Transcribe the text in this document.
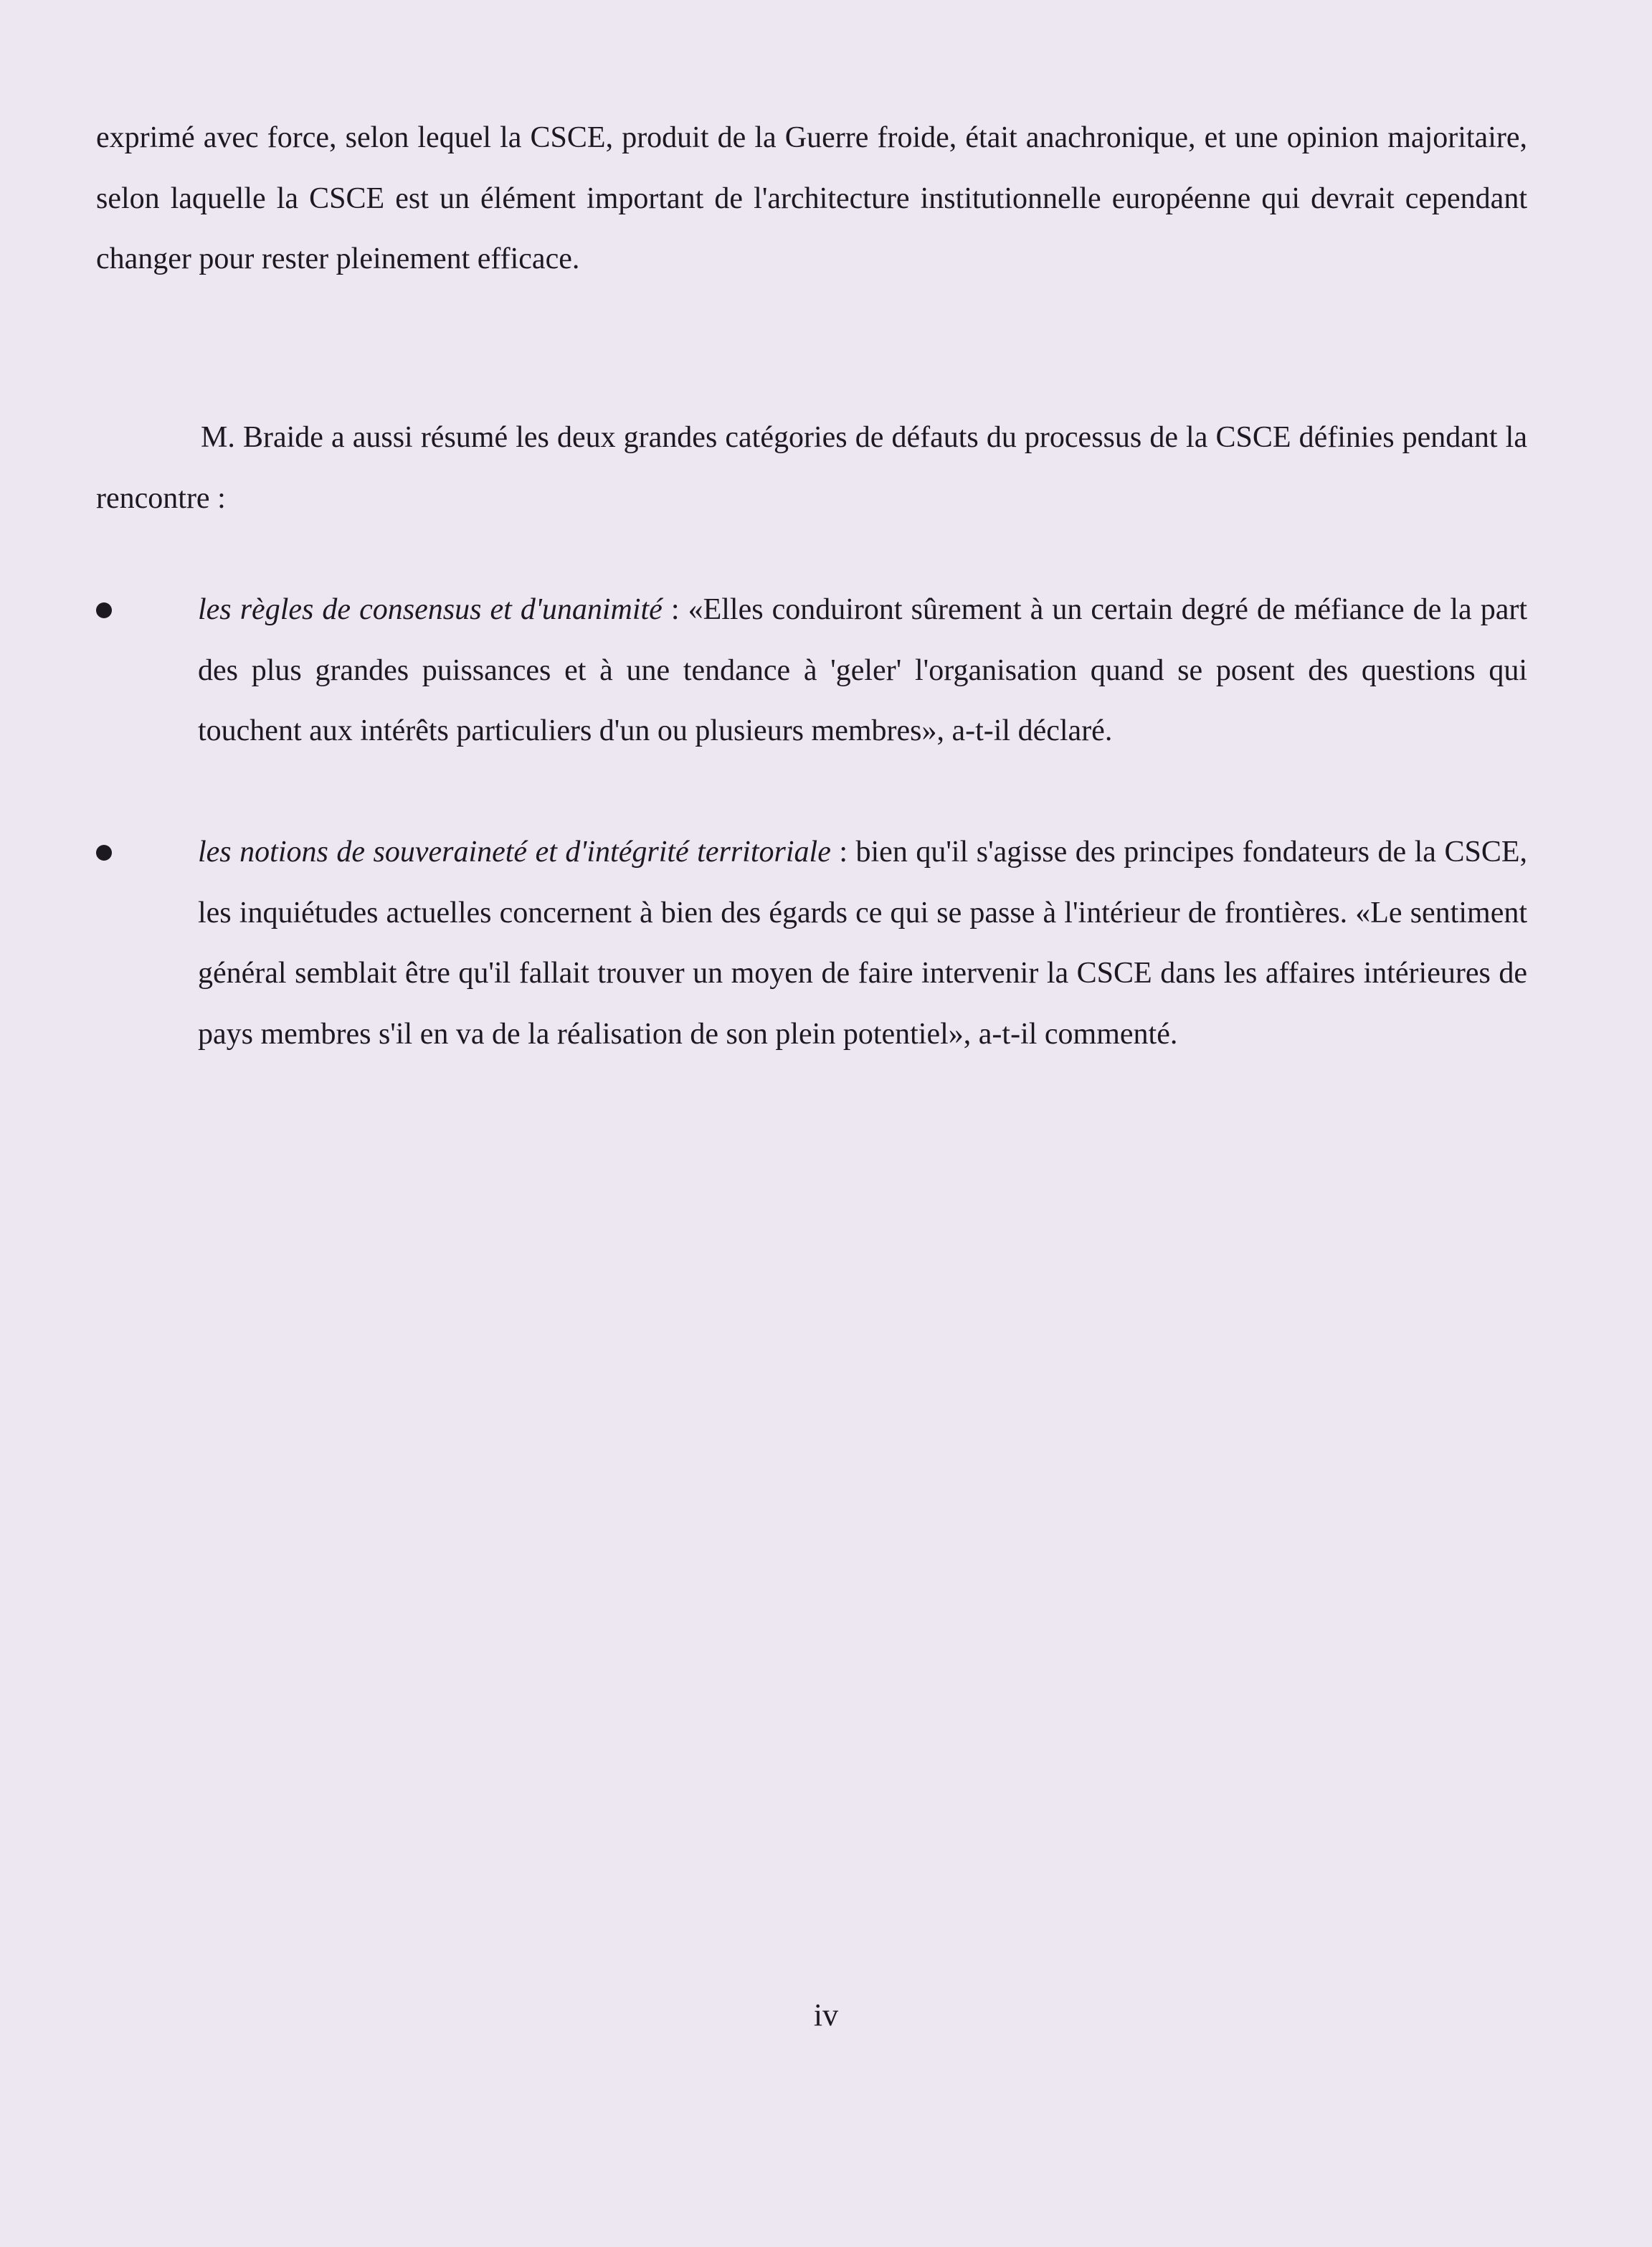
exprimé avec force, selon lequel la CSCE, produit de la Guerre froide, était anachronique, et une opinion majoritaire, selon laquelle la CSCE est un élément important de l'architecture institutionnelle européenne qui devrait cependant changer pour rester pleinement efficace.

M. Braide a aussi résumé les deux grandes catégories de défauts du processus de la CSCE définies pendant la rencontre :

les règles de consensus et d'unanimité : «Elles conduiront sûrement à un certain degré de méfiance de la part des plus grandes puissances et à une tendance à 'geler' l'organisation quand se posent des questions qui touchent aux intérêts particuliers d'un ou plusieurs membres», a-t-il déclaré.
les notions de souveraineté et d'intégrité territoriale : bien qu'il s'agisse des principes fondateurs de la CSCE, les inquiétudes actuelles concernent à bien des égards ce qui se passe à l'intérieur de frontières. «Le sentiment général semblait être qu'il fallait trouver un moyen de faire intervenir la CSCE dans les affaires intérieures de pays membres s'il en va de la réalisation de son plein potentiel», a-t-il commenté.
iv
